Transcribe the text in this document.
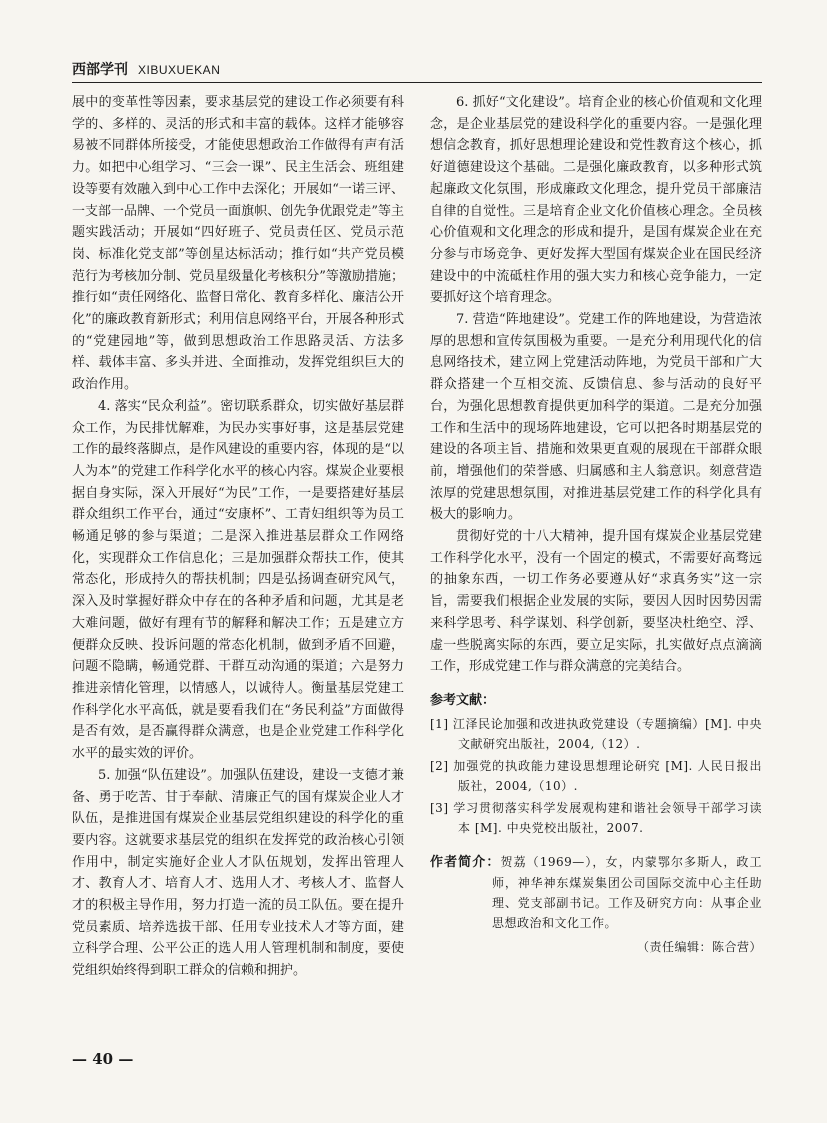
西部学刊 XIBUXUEKAN

展中的变革性等因素，要求基层党的建设工作必须要有科学的、多样的、灵活的形式和丰富的载体。这样才能够容易被不同群体所接受，才能使思想政治工作做得有声有活力。如把中心组学习、“三会一课”、民主生活会、班组建设等要有效融入到中心工作中去深化；开展如“一诺三评、一支部一品牌、一个党员一面旗帜、创先争优跟党走”等主题实践活动；开展如“四好班子、党员责任区、党员示范岗、标准化党支部”等创星达标活动；推行如“共产党员模范行为考核加分制、党员星级量化考核积分”等激励措施；推行如“责任网络化、监督日常化、教育多样化、廉洁公开化”的廉政教育新形式；利用信息网络平台，开展各种形式的“党建园地”等，做到思想政治工作思路灵活、方法多样、载体丰富、多头并进、全面推动，发挥党组织巨大的政治作用。

4. 落实“民众利益”。密切联系群众，切实做好基层群众工作，为民排忧解难，为民办实事好事，这是基层党建工作的最终落脚点，是作风建设的重要内容，体现的是“以人为本”的党建工作科学化水平的核心内容。煤炭企业要根据自身实际，深入开展好“为民”工作，一是要搭建好基层群众组织工作平台，通过“安康杯”、工青妇组织等为员工畅通足够的参与渠道；二是深入推进基层群众工作网络化，实现群众工作信息化；三是加强群众帮扶工作，使其常态化，形成持久的帮扶机制；四是弘扬调查研究风气，深入及时掌握好群众中存在的各种矛盾和问题，尤其是老大难问题，做好有理有节的解释和解决工作；五是建立方便群众反映、投诉问题的常态化机制，做到矛盾不回避，问题不隐瞒，畅通党群、干群互动沟通的渠道；六是努力推进亲情化管理，以情感人，以诚待人。衡量基层党建工作科学化水平高低，就是要看我们在“务民利益”方面做得是否有效，是否赢得群众满意，也是企业党建工作科学化水平的最实效的评价。

5. 加强“队伍建设”。加强队伍建设，建设一支德才兼备、勇于吃苦、甘于奉献、清廉正气的国有煤炭企业人才队伍，是推进国有煤炭企业基层党组织建设的科学化的重要内容。这就要求基层党的组织在发挥党的政治核心引领作用中，制定实施好企业人才队伍规划，发挥出管理人才、教育人才、培育人才、选用人才、考核人才、监督人才的积极主导作用，努力打造一流的员工队伍。要在提升党员素质、培养选拔干部、任用专业技术人才等方面，建立科学合理、公平公正的选人用人管理机制和制度，要使党组织始终得到职工群众的信赖和拥护。

6. 抓好“文化建设”。培育企业的核心价值观和文化理念，是企业基层党的建设科学化的重要内容。一是强化理想信念教育，抓好思想理论建设和党性教育这个核心，抓好道德建设这个基础。二是强化廉政教育，以多种形式筑起廉政文化氛围，形成廉政文化理念，提升党员干部廉洁自律的自觉性。三是培育企业文化价值核心理念。全员核心价值观和文化理念的形成和提升，是国有煤炭企业在充分参与市场竞争、更好发挥大型国有煤炭企业在国民经济建设中的中流砥柱作用的强大实力和核心竞争能力，一定要抓好这个培育理念。

7. 营造“阵地建设”。党建工作的阵地建设，为营造浓厚的思想和宣传氛围极为重要。一是充分利用现代化的信息网络技术，建立网上党建活动阵地，为党员干部和广大群众搭建一个互相交流、反馈信息、参与活动的良好平台，为强化思想教育提供更加科学的渠道。二是充分加强工作和生活中的现场阵地建设，它可以把各时期基层党的建设的各项主旨、措施和效果更直观的展现在干部群众眼前，增强他们的荣誉感、归属感和主人翁意识。刻意营造浓厚的党建思想氛围，对推进基层党建工作的科学化具有极大的影响力。

贯彻好党的十八大精神，提升国有煤炭企业基层党建工作科学化水平，没有一个固定的模式，不需要好高骛远的抽象东西，一切工作务必要遵从好“求真务实”这一宗旨，需要我们根据企业发展的实际，要因人因时因势因需来科学思考、科学谋划、科学创新，要坚决杜绝空、浮、虚一些脱离实际的东西，要立足实际，扎实做好点点滴滴工作，形成党建工作与群众满意的完美结合。

参考文献：

[1] 江泽民论加强和改进执政党建设（专题摘编）[M]. 中央文献研究出版社，2004,（12）.

[2] 加强党的执政能力建设思想理论研究 [M]. 人民日报出版社，2004,（10）.

[3] 学习贯彻落实科学发展观构建和谐社会领导干部学习读本 [M]. 中央党校出版社，2007.

作者简介：贺荔（1969—），女，内蒙鄂尔多斯人，政工师，神华神东煤炭集团公司国际交流中心主任助理、党支部副书记。工作及研究方向：从事企业思想政治和文化工作。

（责任编辑：陈合营）

— 40 —
